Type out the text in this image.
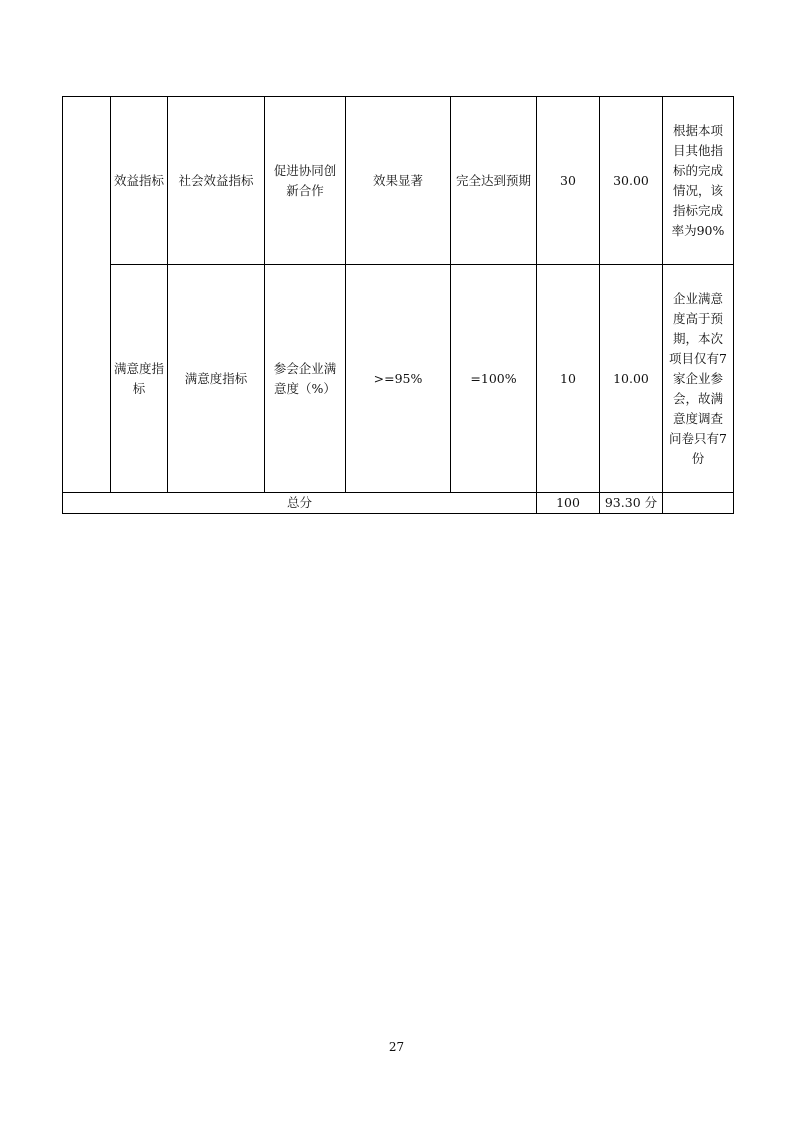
	效益指标	社会效益指标	促进协同创新合作	效果显著	完全达到预期	30	30.00	根据本项目其他指标的完成情况，该指标完成率为90%
	满意度指标	满意度指标	参会企业满意度（%）	>=95%	=100%	10	10.00	企业满意度高于预期，本次项目仅有7家企业参会，故满意度调查问卷只有7份
总分						100	93.30 分	
27
